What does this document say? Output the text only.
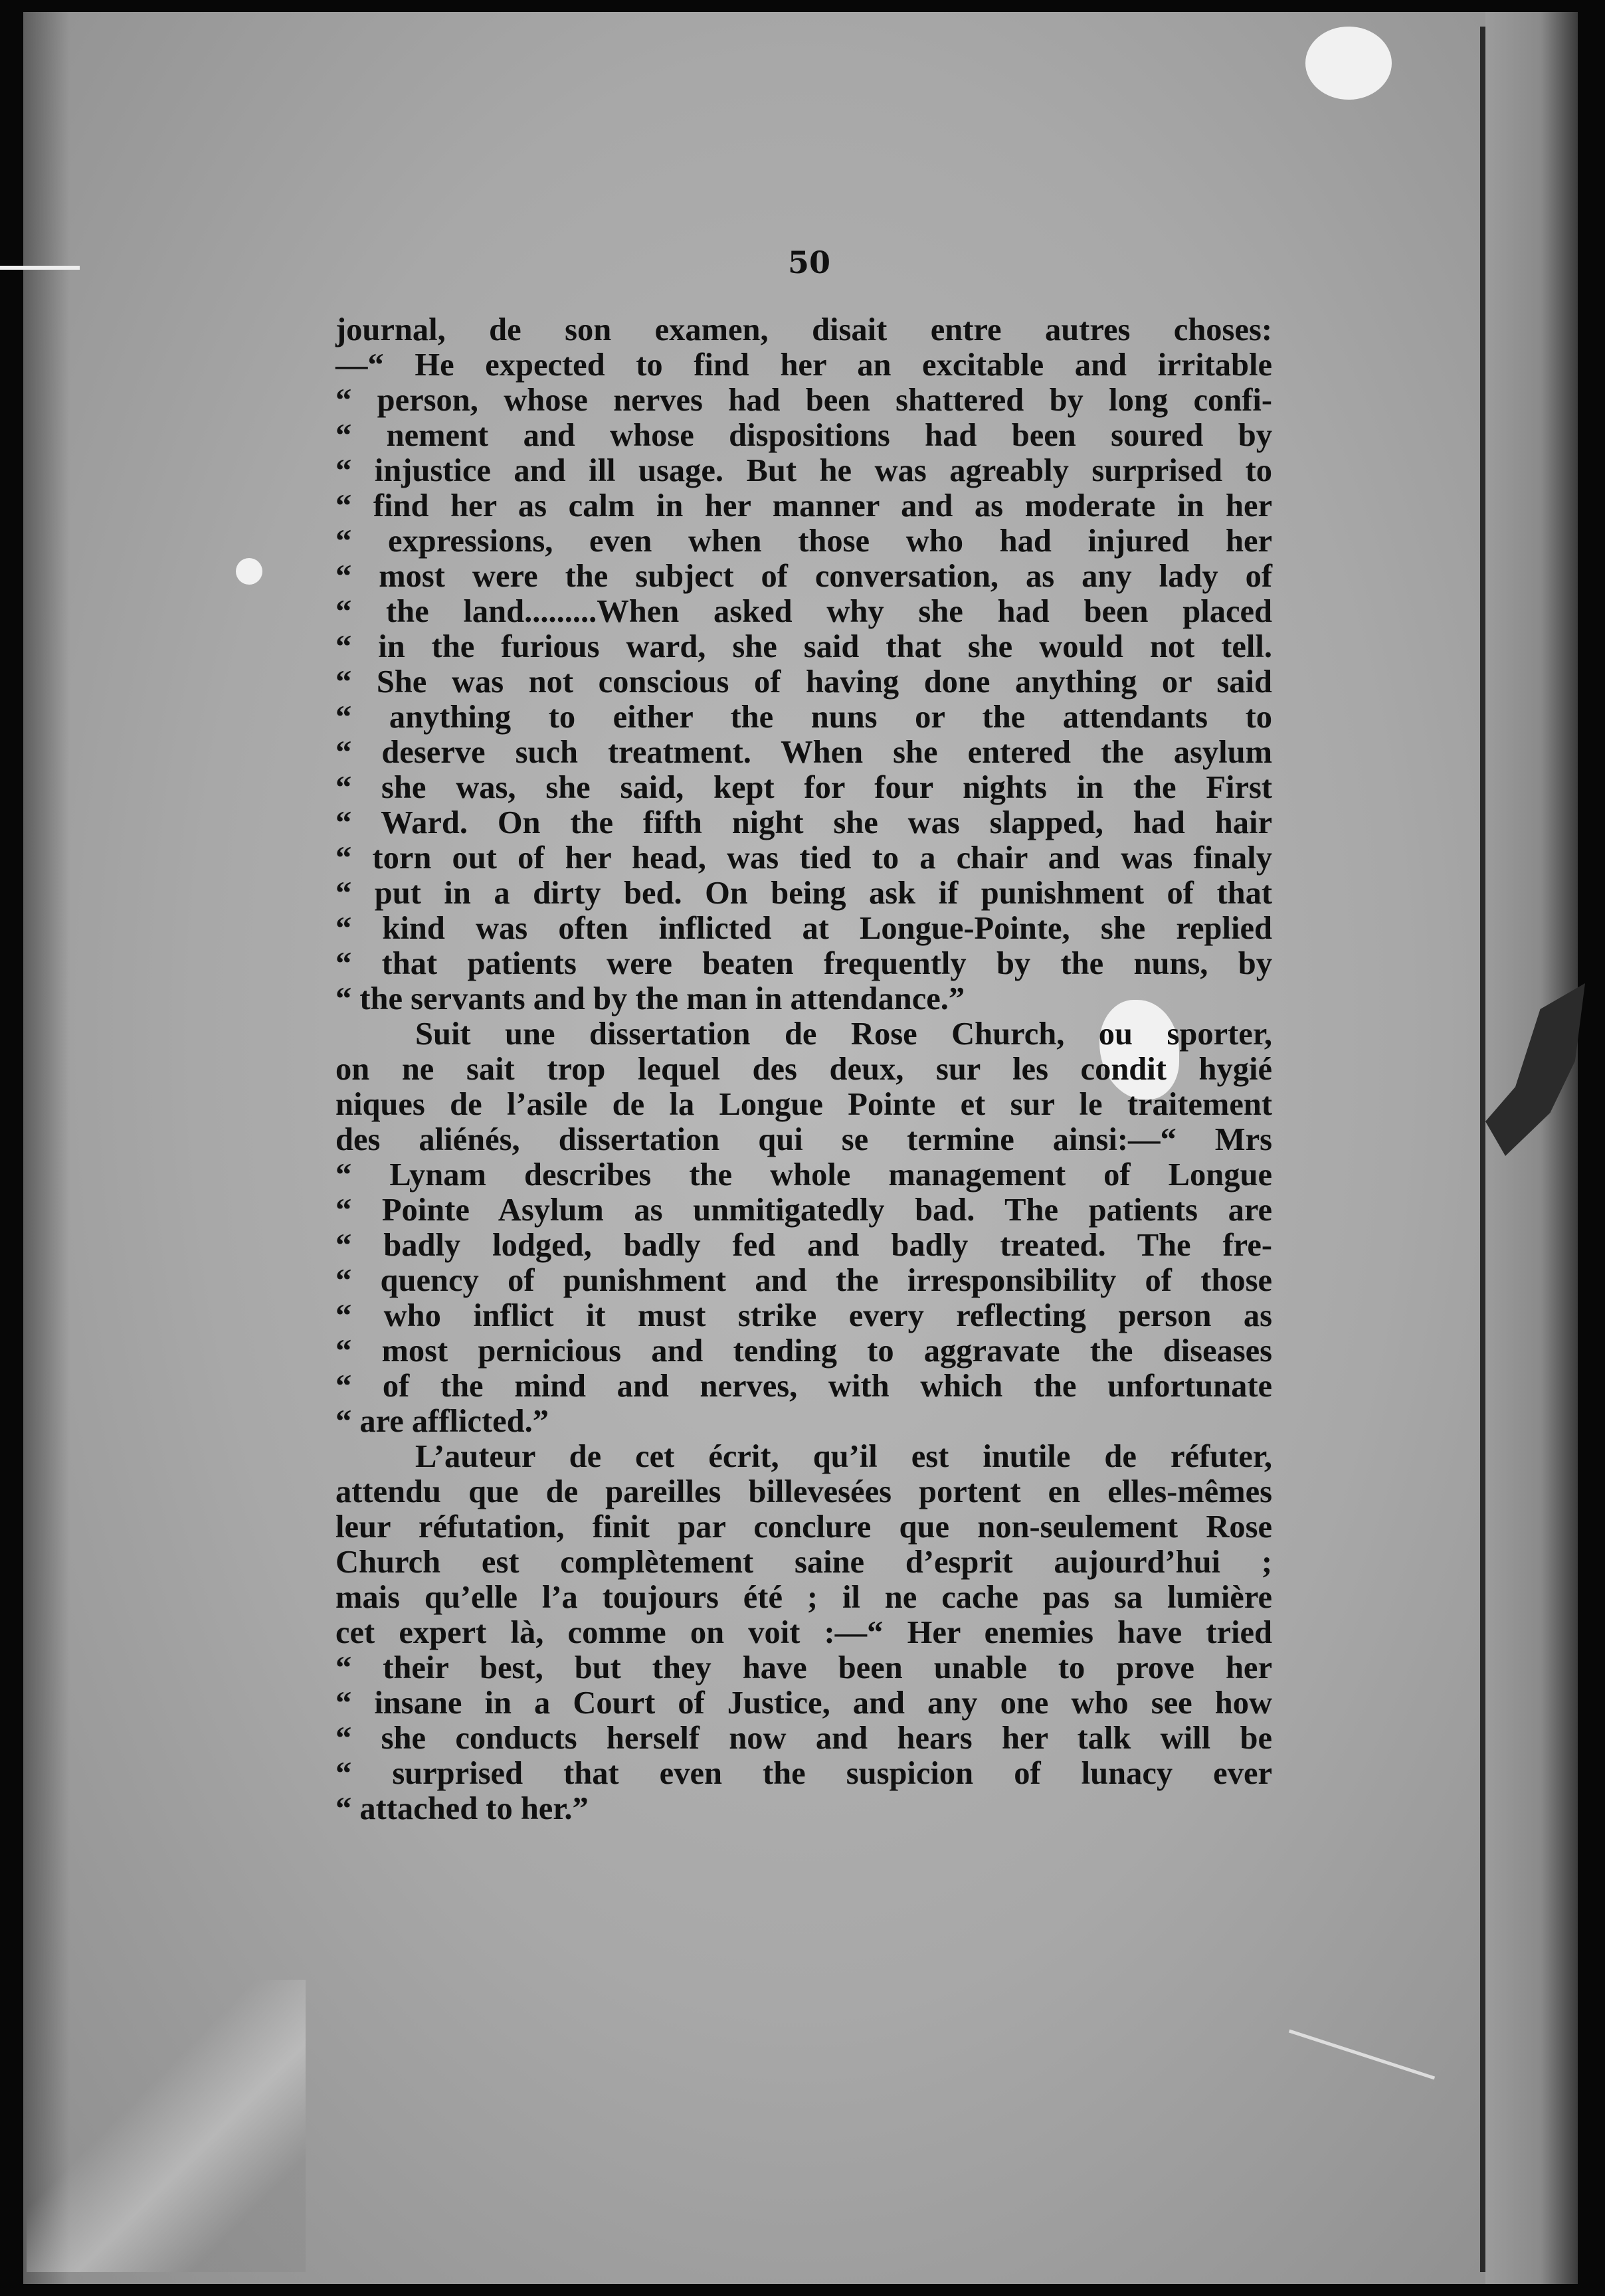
50
journal, de son examen, disait entre autres choses:
—“ He expected to find her an excitable and irritable
“ person, whose nerves had been shattered by long confi-
“ nement and whose dispositions had been soured by
“ injustice and ill usage. But he was agreably surprised to
“ find her as calm in her manner and as moderate in her
“ expressions, even when those who had injured her
“ most were the subject of conversation, as any lady of
“ the land.........When asked why she had been placed
“ in the furious ward, she said that she would not tell.
“ She was not conscious of having done anything or said
“ anything to either the nuns or the attendants to
“ deserve such treatment. When she entered the asylum
“ she was, she said, kept for four nights in the First
“ Ward. On the fifth night she was slapped, had hair
“ torn out of her head, was tied to a chair and was finaly
“ put in a dirty bed. On being ask if punishment of that
“ kind was often inflicted at Longue-Pointe, she replied
“ that patients were beaten frequently by the nuns, by
“ the servants and by the man in attendance.”
Suit une dissertation de Rose Church, ou sporter,
on ne sait trop lequel des deux, sur les condit hygié
niques de l’asile de la Longue Pointe et sur le traitement
des aliénés, dissertation qui se termine ainsi:—“ Mrs
“ Lynam describes the whole management of Longue
“ Pointe Asylum as unmitigatedly bad. The patients are
“ badly lodged, badly fed and badly treated. The fre-
“ quency of punishment and the irresponsibility of those
“ who inflict it must strike every reflecting person as
“ most pernicious and tending to aggravate the diseases
“ of the mind and nerves, with which the unfortunate
“ are afflicted.”
L’auteur de cet écrit, qu’il est inutile de réfuter,
attendu que de pareilles billevesées portent en elles-mêmes
leur réfutation, finit par conclure que non-seulement Rose
Church est complètement saine d’esprit aujourd’hui ;
mais qu’elle l’a toujours été ; il ne cache pas sa lumière
cet expert là, comme on voit :—“ Her enemies have tried
“ their best, but they have been unable to prove her
“ insane in a Court of Justice, and any one who see how
“ she conducts herself now and hears her talk will be
“ surprised that even the suspicion of lunacy ever
“ attached to her.”
